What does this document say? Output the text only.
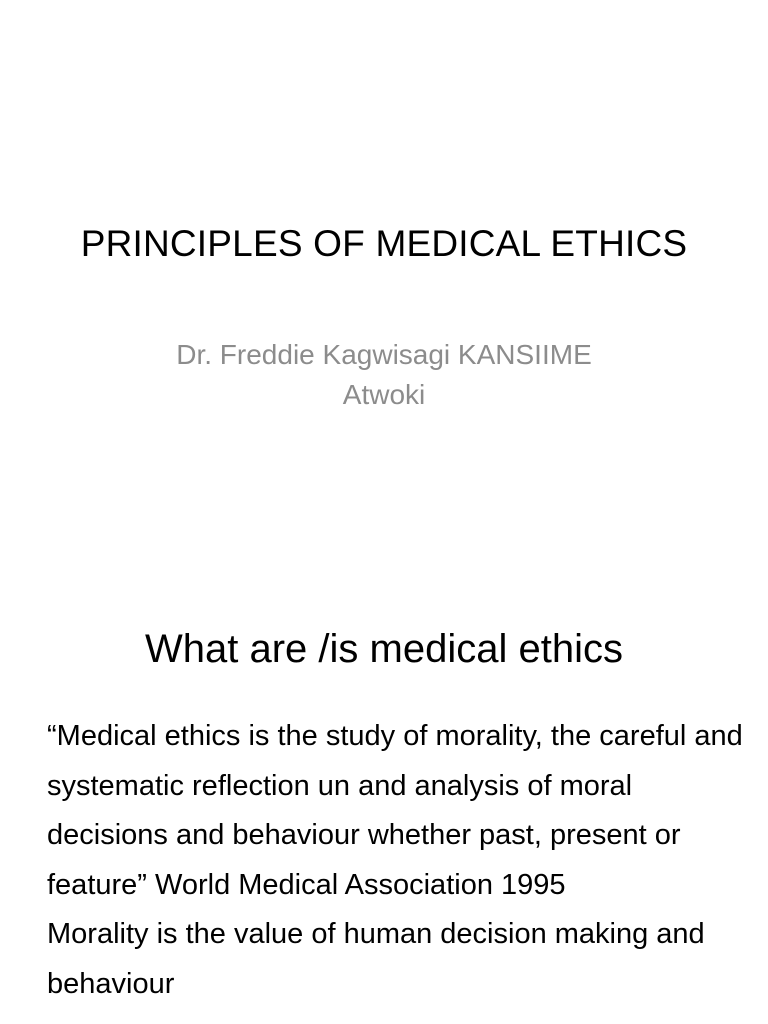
PRINCIPLES OF MEDICAL ETHICS
Dr. Freddie Kagwisagi KANSIIME
Atwoki
What are /is medical ethics

“Medical ethics is the study of morality, the careful and systematic reflection un and analysis of moral decisions and behaviour whether past, present or feature” World Medical Association 1995

Morality is the value of human decision making and behaviour
